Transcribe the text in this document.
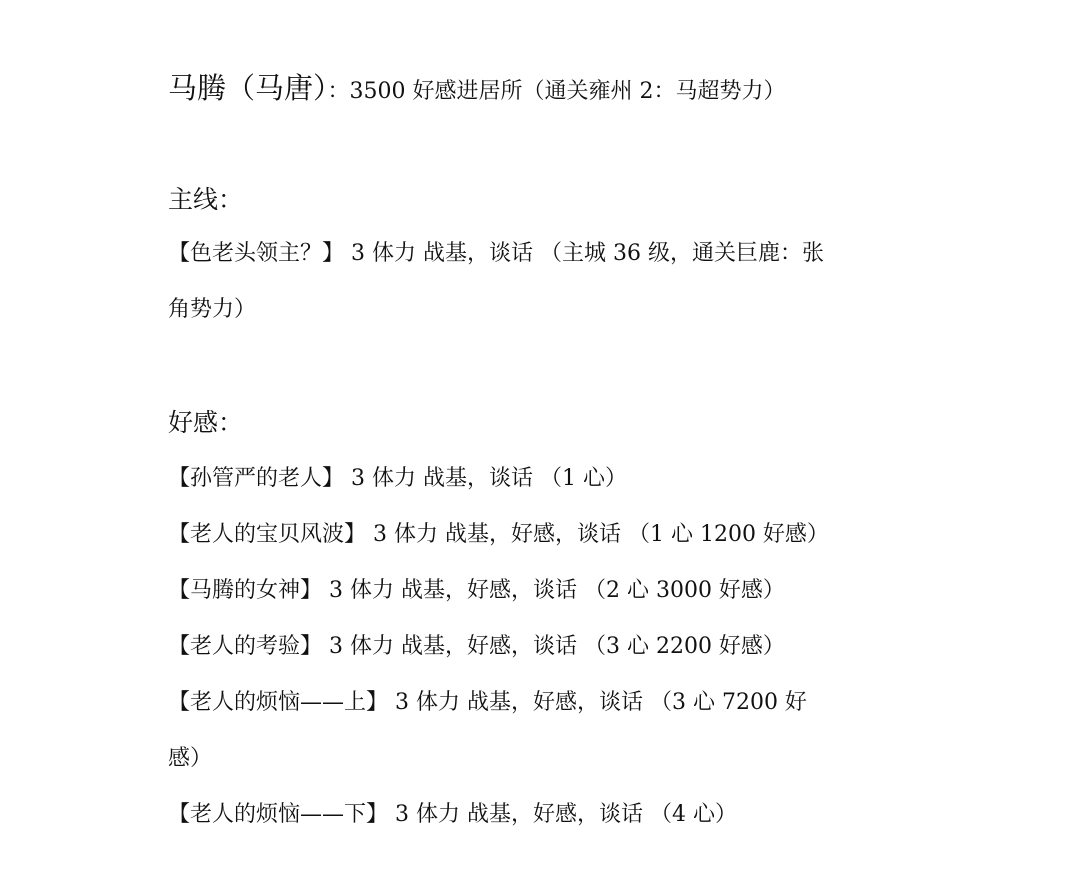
马腾（马唐）：3500 好感进居所（通关雍州 2：马超势力）
主线：
【色老头领主？】 3 体力 战基，谈话 （主城 36 级，通关巨鹿：张
角势力）
好感：
【孙管严的老人】 3 体力 战基，谈话 （1 心）
【老人的宝贝风波】 3 体力 战基，好感，谈话 （1 心 1200 好感）
【马腾的女神】 3 体力 战基，好感，谈话 （2 心 3000 好感）
【老人的考验】 3 体力 战基，好感，谈话 （3 心 2200 好感）
【老人的烦恼——上】 3 体力 战基，好感，谈话 （3 心 7200 好
感）
【老人的烦恼——下】 3 体力 战基，好感，谈话 （4 心）
